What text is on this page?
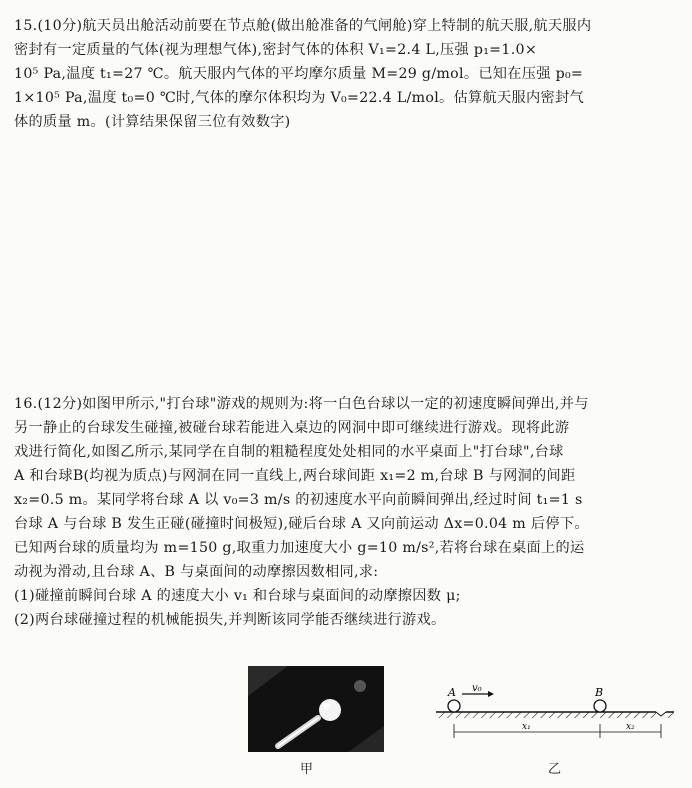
15.(10分)航天员出舱活动前要在节点舱(做出舱准备的气闸舱)穿上特制的航天服,航天服内
密封有一定质量的气体(视为理想气体),密封气体的体积 V₁=2.4 L,压强 p₁=1.0×
10⁵ Pa,温度 t₁=27 ℃。航天服内气体的平均摩尔质量 M=29 g/mol。已知在压强 p₀=
1×10⁵ Pa,温度 t₀=0 ℃时,气体的摩尔体积均为 V₀=22.4 L/mol。估算航天服内密封气
体的质量 m。(计算结果保留三位有效数字)
16.(12分)如图甲所示,"打台球"游戏的规则为:将一白色台球以一定的初速度瞬间弹出,并与
另一静止的台球发生碰撞,被碰台球若能进入桌边的网洞中即可继续进行游戏。现将此游
戏进行简化,如图乙所示,某同学在自制的粗糙程度处处相同的水平桌面上"打台球",台球
A 和台球B(均视为质点)与网洞在同一直线上,两台球间距 x₁=2 m,台球 B 与网洞的间距
x₂=0.5 m。某同学将台球 A 以 v₀=3 m/s 的初速度水平向前瞬间弹出,经过时间 t₁=1 s
台球 A 与台球 B 发生正碰(碰撞时间极短),碰后台球 A 又向前运动 Δx=0.04 m 后停下。
已知两台球的质量均为 m=150 g,取重力加速度大小 g=10 m/s²,若将台球在桌面上的运
动视为滑动,且台球 A、B 与桌面间的动摩擦因数相同,求:
(1)碰撞前瞬间台球 A 的速度大小 v₁ 和台球与桌面间的动摩擦因数 μ;
(2)两台球碰撞过程的机械能损失,并判断该同学能否继续进行游戏。
甲
A v₀	B
x₁	x₂
乙
